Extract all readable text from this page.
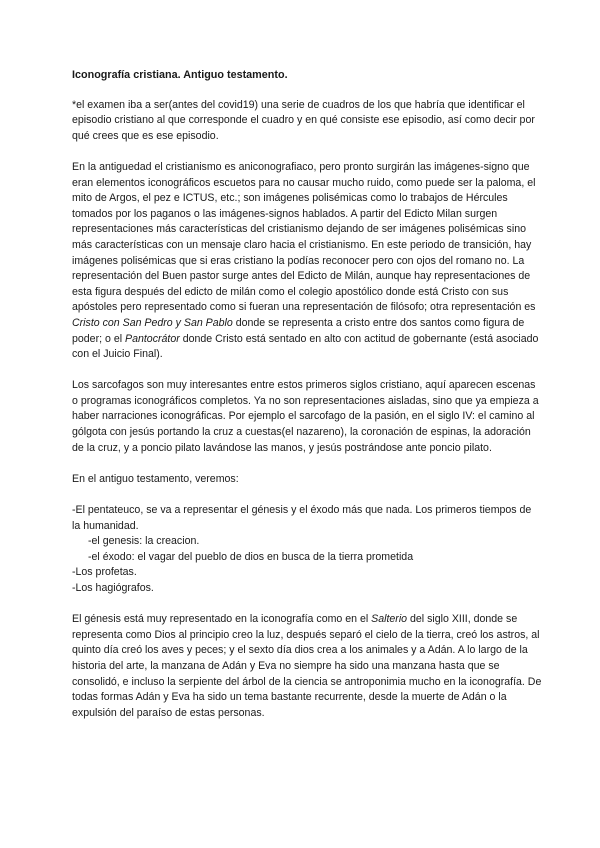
Iconografía cristiana. Antiguo testamento.

*el examen iba a ser(antes del covid19) una serie de cuadros de los que habría que identificar el episodio cristiano al que corresponde el cuadro y en qué consiste ese episodio, así como decir por qué crees que es ese episodio.

En la antiguedad el cristianismo es aniconografiaco, pero pronto surgirán las imágenes-signo que eran elementos iconográficos escuetos para no causar mucho ruido, como puede ser la paloma, el mito de Argos, el pez e ICTUS, etc.; son imágenes polisémicas como lo trabajos de Hércules tomados por los paganos o las imágenes-signos hablados. A partir del Edicto Milan surgen representaciones más características del cristianismo dejando de ser imágenes polisémicas sino más características con un mensaje claro hacia el cristianismo. En este periodo de transición, hay imágenes polisémicas que si eras cristiano la podías reconocer pero con ojos del romano no. La representación del Buen pastor surge antes del Edicto de Milán, aunque hay representaciones de esta figura después del edicto de milán como el colegio apostólico donde está Cristo con sus apóstoles pero representado como si fueran una representación de filósofo; otra representación es Cristo con San Pedro y San Pablo donde se representa a cristo entre dos santos como figura de poder; o el Pantocrátor donde Cristo está sentado en alto con actitud de gobernante (está asociado con el Juicio Final).

Los sarcofagos son muy interesantes entre estos primeros siglos cristiano, aquí aparecen escenas o programas iconográficos completos. Ya no son representaciones aisladas, sino que ya empieza a haber narraciones iconográficas. Por ejemplo el sarcofago de la pasión, en el siglo IV: el camino al gólgota con jesús portando la cruz a cuestas(el nazareno), la coronación de espinas, la adoración de la cruz, y a poncio pilato lavándose las manos, y jesús postrándose ante poncio pilato.

En el antiguo testamento, veremos:

-El pentateuco, se va a representar el génesis y el éxodo más que nada. Los primeros tiempos de la humanidad.
-el genesis: la creacion.
-el éxodo: el vagar del pueblo de dios en busca de la tierra prometida
-Los profetas.
-Los hagiógrafos.

El génesis está muy representado en la iconografía como en el Salterio del siglo XIII, donde se representa como Dios al principio creo la luz, después separó el cielo de la tierra, creó los astros, al quinto día creó los aves y peces; y el sexto día dios crea a los animales y a Adán. A lo largo de la historia del arte, la manzana de Adán y Eva no siempre ha sido una manzana hasta que se consolidó, e incluso la serpiente del árbol de la ciencia se antroponimia mucho en la iconografía. De todas formas Adán y Eva ha sido un tema bastante recurrente, desde la muerte de Adán o la expulsión del paraíso de estas personas.
